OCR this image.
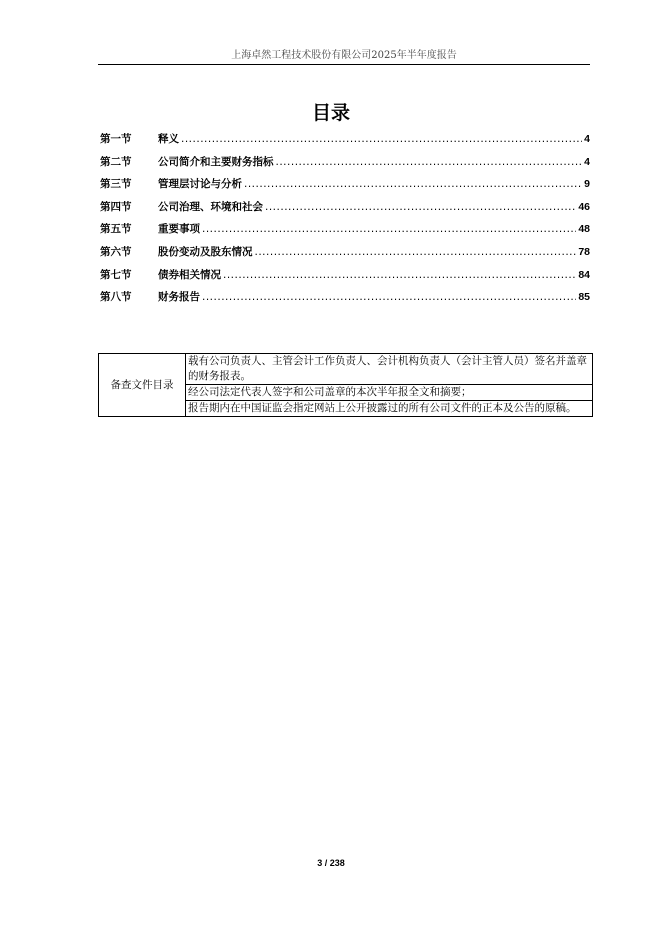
上海卓然工程技术股份有限公司2025年半年度报告
目录
第一节	释义 .....	4
第二节	公司简介和主要财务指标 .....	4
第三节	管理层讨论与分析 .....	9
第四节	公司治理、环境和社会 .....	46
第五节	重要事项 .....	48
第六节	股份变动及股东情况 .....	78
第七节	债券相关情况 .....	84
第八节	财务报告 .....	85
备查文件目录	载有公司负责人、主管会计工作负责人、会计机构负责人（会计主管人员）签名并盖章的财务报表。
经公司法定代表人签字和公司盖章的本次半年报全文和摘要；
报告期内在中国证监会指定网站上公开披露过的所有公司文件的正本及公告的原稿。
3 / 238
